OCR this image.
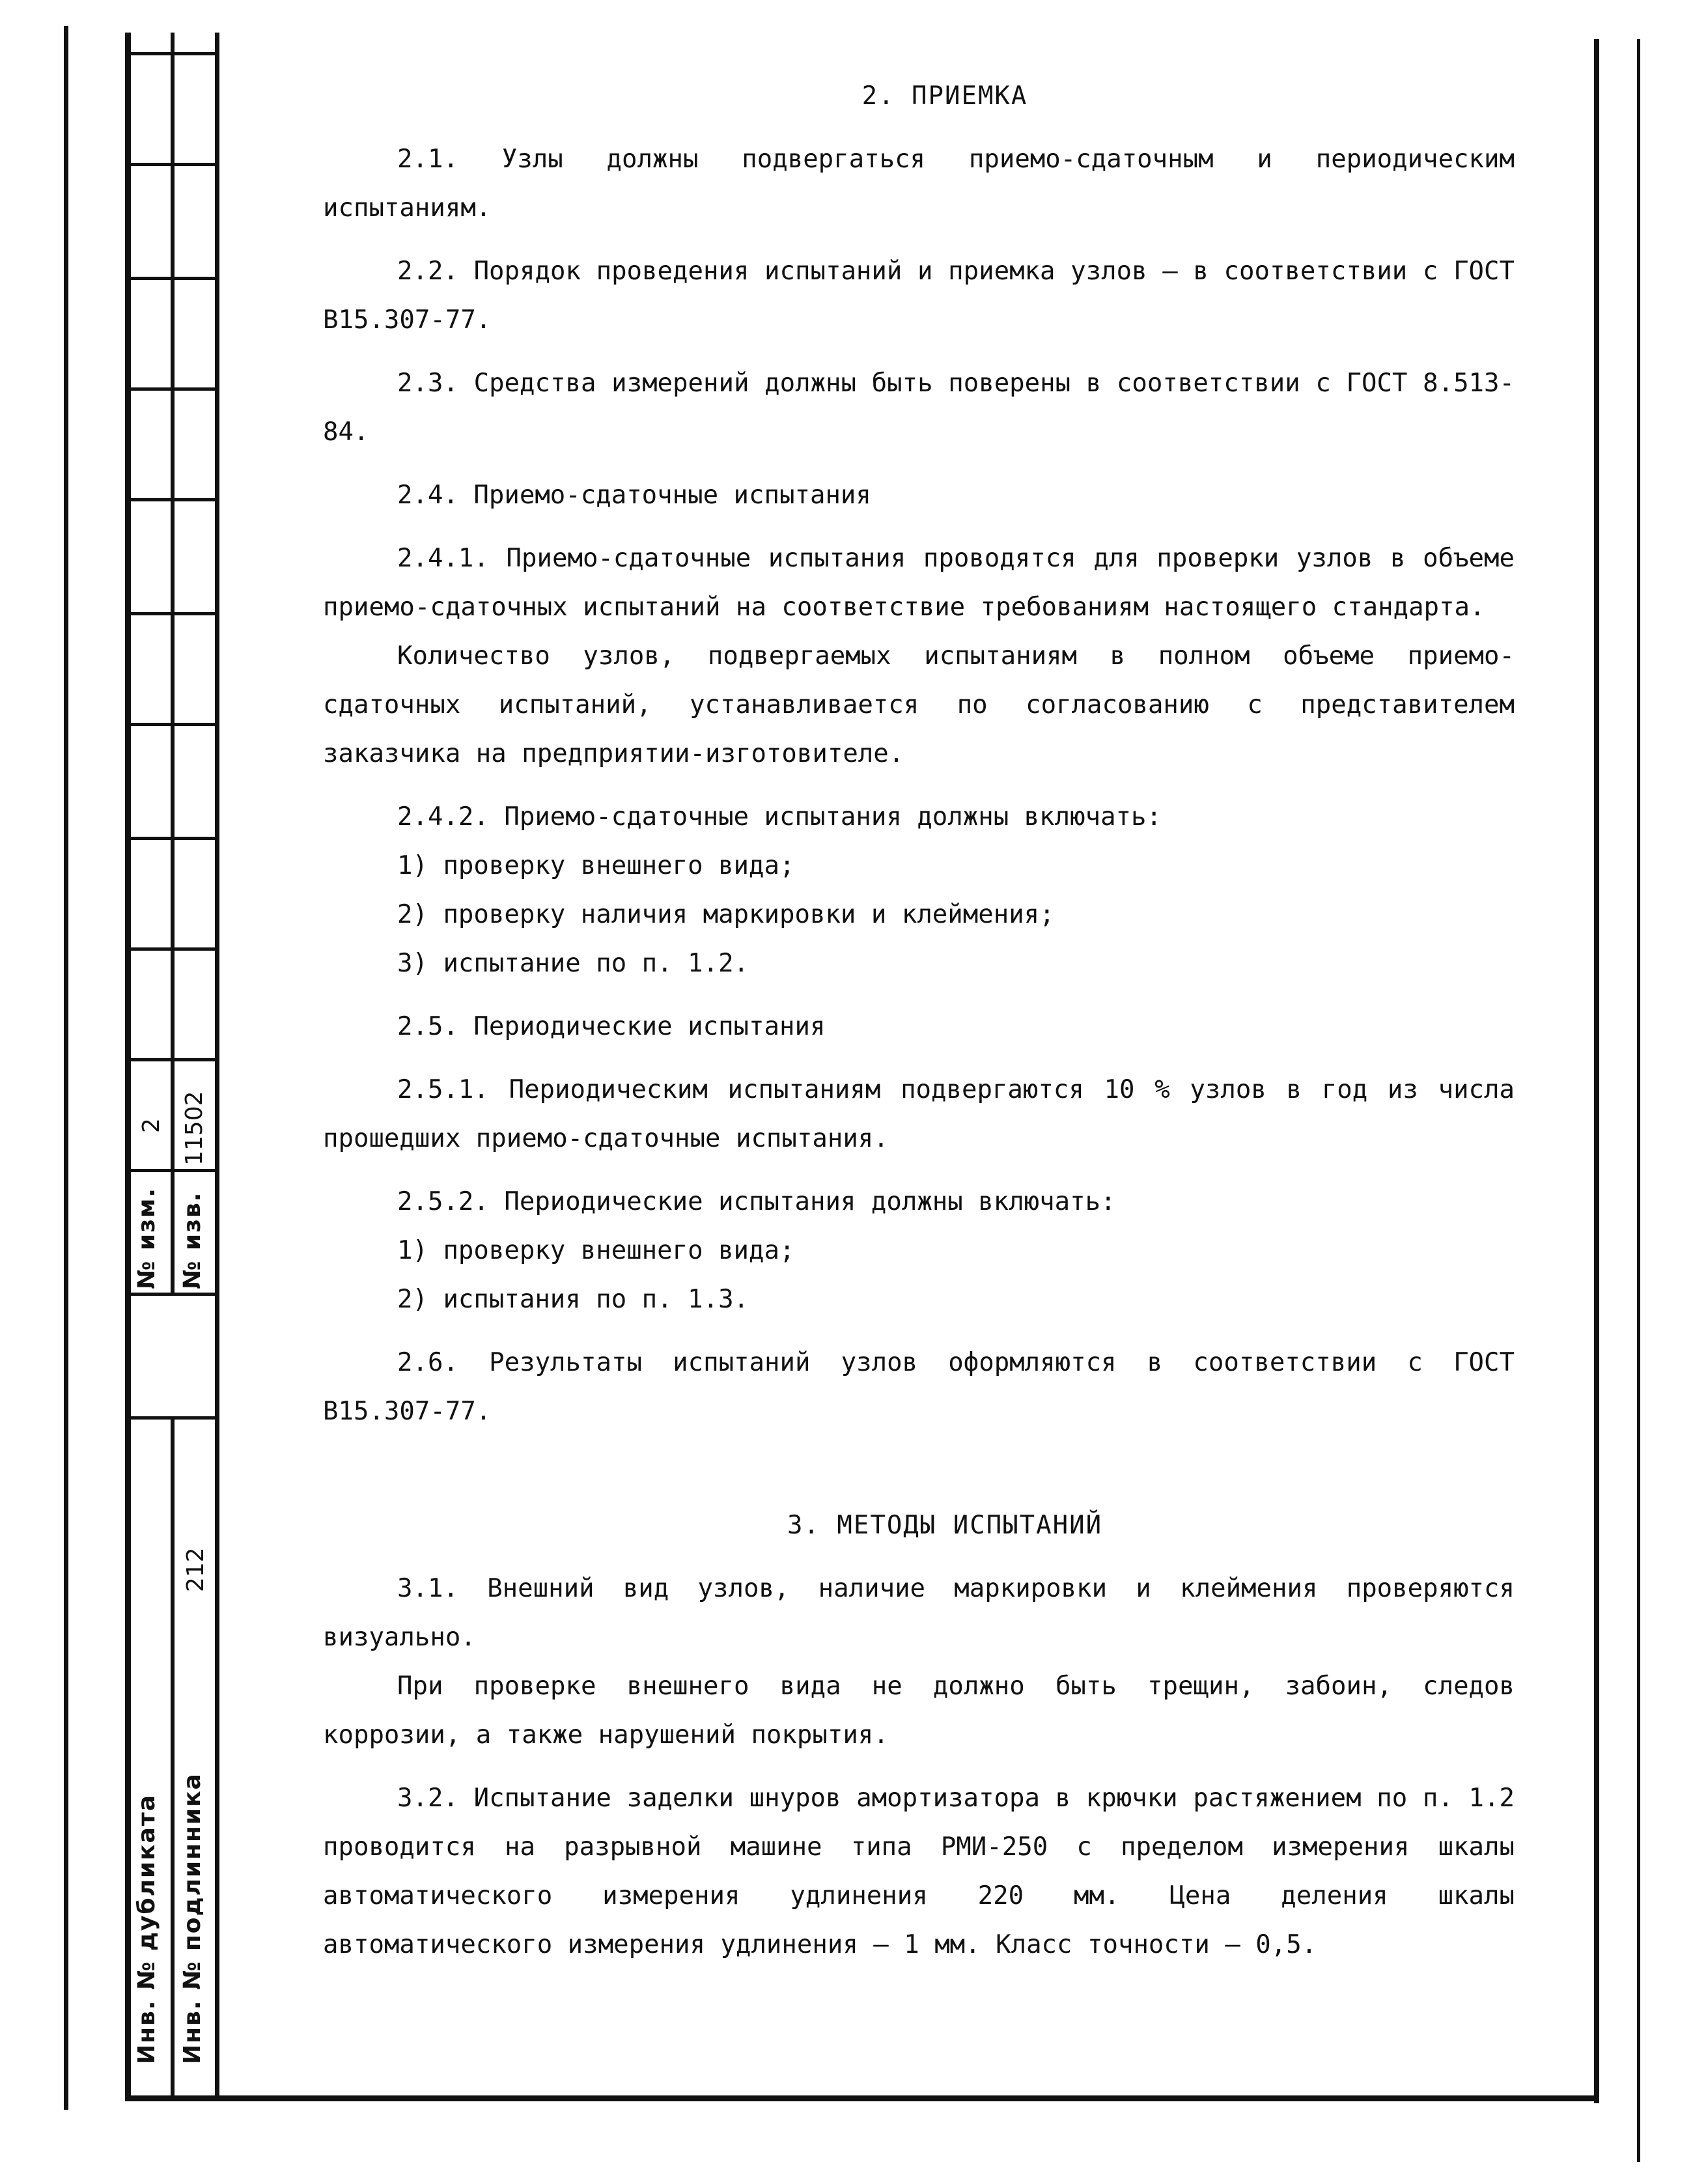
№ изм.
2
№ изв.
11502
212
Инв. № дубликата Инв. № подлинника

2. ПРИЕМКА

2.1. Узлы должны подвергаться приемо-сдаточным и периодическим испытаниям.

2.2. Порядок проведения испытаний и приемка узлов – в соответствии с ГОСТ В15.307-77.

2.3. Средства измерений должны быть поверены в соответствии с ГОСТ 8.513-84.

2.4. Приемо-сдаточные испытания

2.4.1. Приемо-сдаточные испытания проводятся для проверки узлов в объеме приемо-сдаточных испытаний на соответствие требованиям настоящего стандарта.

Количество узлов, подвергаемых испытаниям в полном объеме приемо-сдаточных испытаний, устанавливается по согласованию с представителем заказчика на предприятии-изготовителе.

2.4.2. Приемо-сдаточные испытания должны включать:

1) проверку внешнего вида;

2) проверку наличия маркировки и клеймения;

3) испытание по п. 1.2.

2.5. Периодические испытания

2.5.1. Периодическим испытаниям подвергаются 10 % узлов в год из числа прошедших приемо-сдаточные испытания.

2.5.2. Периодические испытания должны включать:

1) проверку внешнего вида;

2) испытания по п. 1.3.

2.6. Результаты испытаний узлов оформляются в соответствии с ГОСТ В15.307-77.

3. МЕТОДЫ ИСПЫТАНИЙ

3.1. Внешний вид узлов, наличие маркировки и клеймения проверяются визуально.

При проверке внешнего вида не должно быть трещин, забоин, следов коррозии, а также нарушений покрытия.

3.2. Испытание заделки шнуров амортизатора в крючки растяжением по п. 1.2 проводится на разрывной машине типа РМИ-250 с пределом измерения шкалы автоматического измерения удлинения 220 мм. Цена деления шкалы автоматического измерения удлинения – 1 мм. Класс точности – 0,5.
